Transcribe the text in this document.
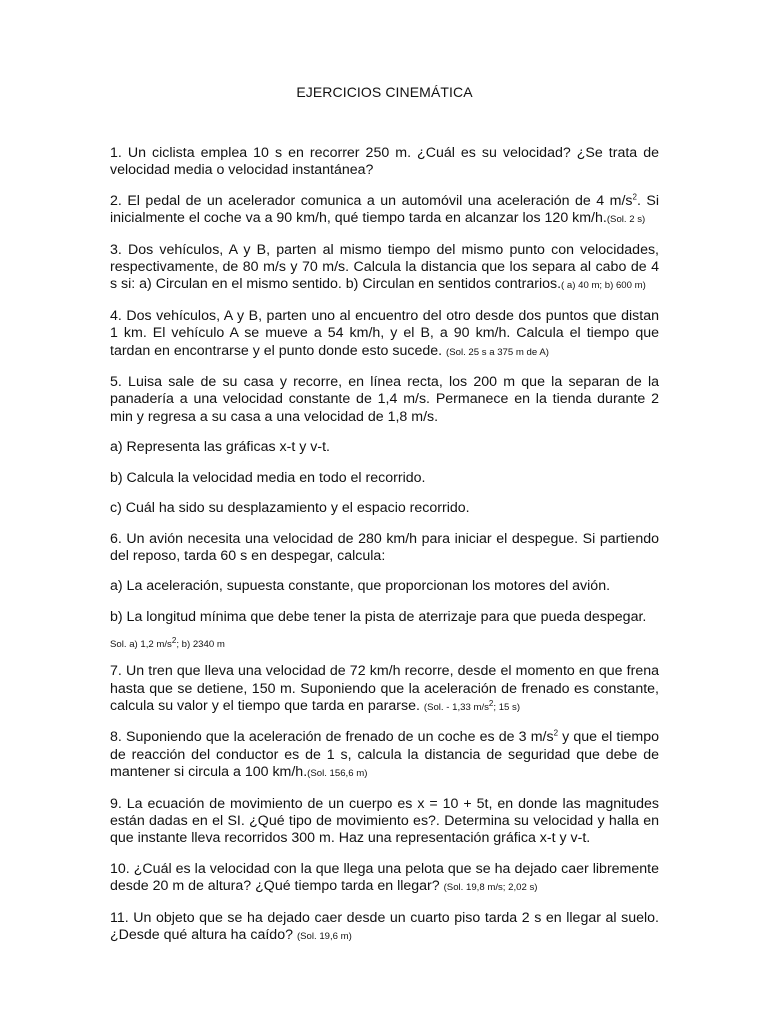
EJERCICIOS CINEMÁTICA
1. Un ciclista emplea 10 s en recorrer 250 m. ¿Cuál es su velocidad? ¿Se trata de velocidad media o velocidad instantánea?
2. El pedal de un acelerador comunica a un automóvil una aceleración de 4 $m/s^2$. Si inicialmente el coche va a 90 km/h, qué tiempo tarda en alcanzar los 120 km/h.(Sol. 2 s)
3. Dos vehículos, A y B, parten al mismo tiempo del mismo punto con velocidades, respectivamente, de 80 m/s y 70 m/s. Calcula la distancia que los separa al cabo de 4 s si: a) Circulan en el mismo sentido. b) Circulan en sentidos contrarios.( a) 40 m; b) 600 m)
4. Dos vehículos, A y B, parten uno al encuentro del otro desde dos puntos que distan 1 km. El vehículo A se mueve a 54 km/h, y el B, a 90 km/h. Calcula el tiempo que tardan en encontrarse y el punto donde esto sucede. (Sol. 25 s a 375 m de A)
5. Luisa sale de su casa y recorre, en línea recta, los 200 m que la separan de la panadería a una velocidad constante de 1,4 m/s. Permanece en la tienda durante 2 min y regresa a su casa a una velocidad de 1,8 m/s.
a) Representa las gráficas x-t y v-t.
b) Calcula la velocidad media en todo el recorrido.
c) Cuál ha sido su desplazamiento y el espacio recorrido.
6. Un avión necesita una velocidad de 280 km/h para iniciar el despegue. Si partiendo del reposo, tarda 60 s en despegar, calcula:
a) La aceleración, supuesta constante, que proporcionan los motores del avión.
b) La longitud mínima que debe tener la pista de aterrizaje para que pueda despegar.
Sol. a) 1,2 $m/s^2$; b) 2340 m
7. Un tren que lleva una velocidad de 72 km/h recorre, desde el momento en que frena hasta que se detiene, 150 m. Suponiendo que la aceleración de frenado es constante, calcula su valor y el tiempo que tarda en pararse. (Sol. - 1,33 $m/s^2$; 15 s)
8. Suponiendo que la aceleración de frenado de un coche es de 3 $m/s^2$ y que el tiempo de reacción del conductor es de 1 s, calcula la distancia de seguridad que debe de mantener si circula a 100 km/h.(Sol. 156,6 m)
9. La ecuación de movimiento de un cuerpo es x = 10 + 5t, en donde las magnitudes están dadas en el SI. ¿Qué tipo de movimiento es?. Determina su velocidad y halla en que instante lleva recorridos 300 m. Haz una representación gráfica x-t y v-t.
10. ¿Cuál es la velocidad con la que llega una pelota que se ha dejado caer libremente desde 20 m de altura? ¿Qué tiempo tarda en llegar? (Sol. 19,8 m/s; 2,02 s)
11. Un objeto que se ha dejado caer desde un cuarto piso tarda 2 s en llegar al suelo. ¿Desde qué altura ha caído? (Sol. 19,6 m)
